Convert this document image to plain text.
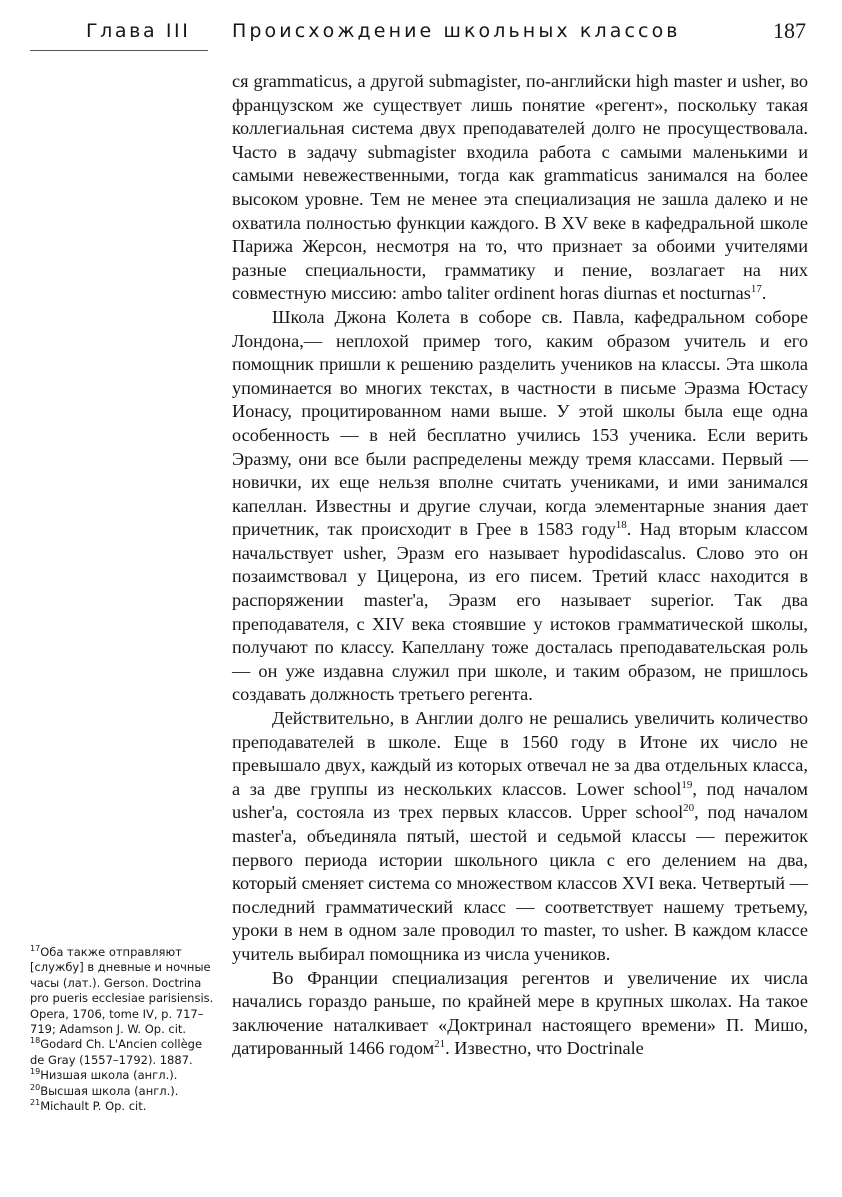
Глава III Происхождение школьных классов	187

ся grammaticus, а другой submagister, по-английски high master и usher, во французском же существует лишь понятие «регент», поскольку такая коллегиальная система двух преподавателей долго не просуществовала. Часто в задачу submagister входила работа с самыми маленькими и самыми невежественными, тогда как grammaticus занимался на более высоком уровне. Тем не менее эта специализация не зашла далеко и не охватила полностью функции каждого. В XV веке в кафедральной школе Парижа Жерсон, несмотря на то, что признает за обоими учителями разные специальности, грамматику и пение, возлагает на них совместную миссию: ambo taliter ordinent horas diurnas et nocturnas$^{17}$.

Школа Джона Колета в соборе св. Павла, кафедральном соборе Лондона,— неплохой пример того, каким образом учитель и его помощник пришли к решению разделить учеников на классы. Эта школа упоминается во многих текстах, в частности в письме Эразма Юстасу Ионасу, процитированном нами выше. У этой школы была еще одна особенность — в ней бесплатно учились 153 ученика. Если верить Эразму, они все были распределены между тремя классами. Первый — новички, их еще нельзя вполне считать учениками, и ими занимался капеллан. Известны и другие случаи, когда элементарные знания дает причетник, так происходит в Грее в 1583 году$^{18}$. Над вторым классом начальствует usher, Эразм его называет hypodidascalus. Слово это он позаимствовал у Цицерона, из его писем. Третий класс находится в распоряжении master'а, Эразм его называет superior. Так два преподавателя, с XIV века стоявшие у истоков грамматической школы, получают по классу. Капеллану тоже досталась преподавательская роль — он уже издавна служил при школе, и таким образом, не пришлось создавать должность третьего регента.

Действительно, в Англии долго не решались увеличить количество преподавателей в школе. Еще в 1560 году в Итоне их число не превышало двух, каждый из которых отвечал не за два отдельных класса, а за две группы из нескольких классов. Lower school$^{19}$, под началом usher'а, состояла из трех первых классов. Upper school$^{20}$, под началом master'а, объединяла пятый, шестой и седьмой классы — пережиток первого периода истории школьного цикла с его делением на два, который сменяет система со множеством классов XVI века. Четвертый — последний грамматический класс — соответствует нашему третьему, уроки в нем в одном зале проводил то master, то usher. В каждом классе учитель выбирал помощника из числа учеников.

Во Франции специализация регентов и увеличение их числа начались гораздо раньше, по крайней мере в крупных школах. На такое заключение наталкивает «Доктринал настоящего времени» П. Мишо, датированный 1466 годом$^{21}$. Известно, что Doctrinale

$^{17}$Оба также отправляют [службу] в дневные и ночные часы (лат.). Gerson. Doctrina pro pueris ecclesiae parisiensis. Opera, 1706, tome IV, p. 717–719; Adamson J. W. Op. cit.
$^{18}$Godard Ch. L'Ancien collège de Gray (1557–1792). 1887.
$^{19}$Низшая школа (англ.).
$^{20}$Высшая школа (англ.).
$^{21}$Michault P. Op. cit.
